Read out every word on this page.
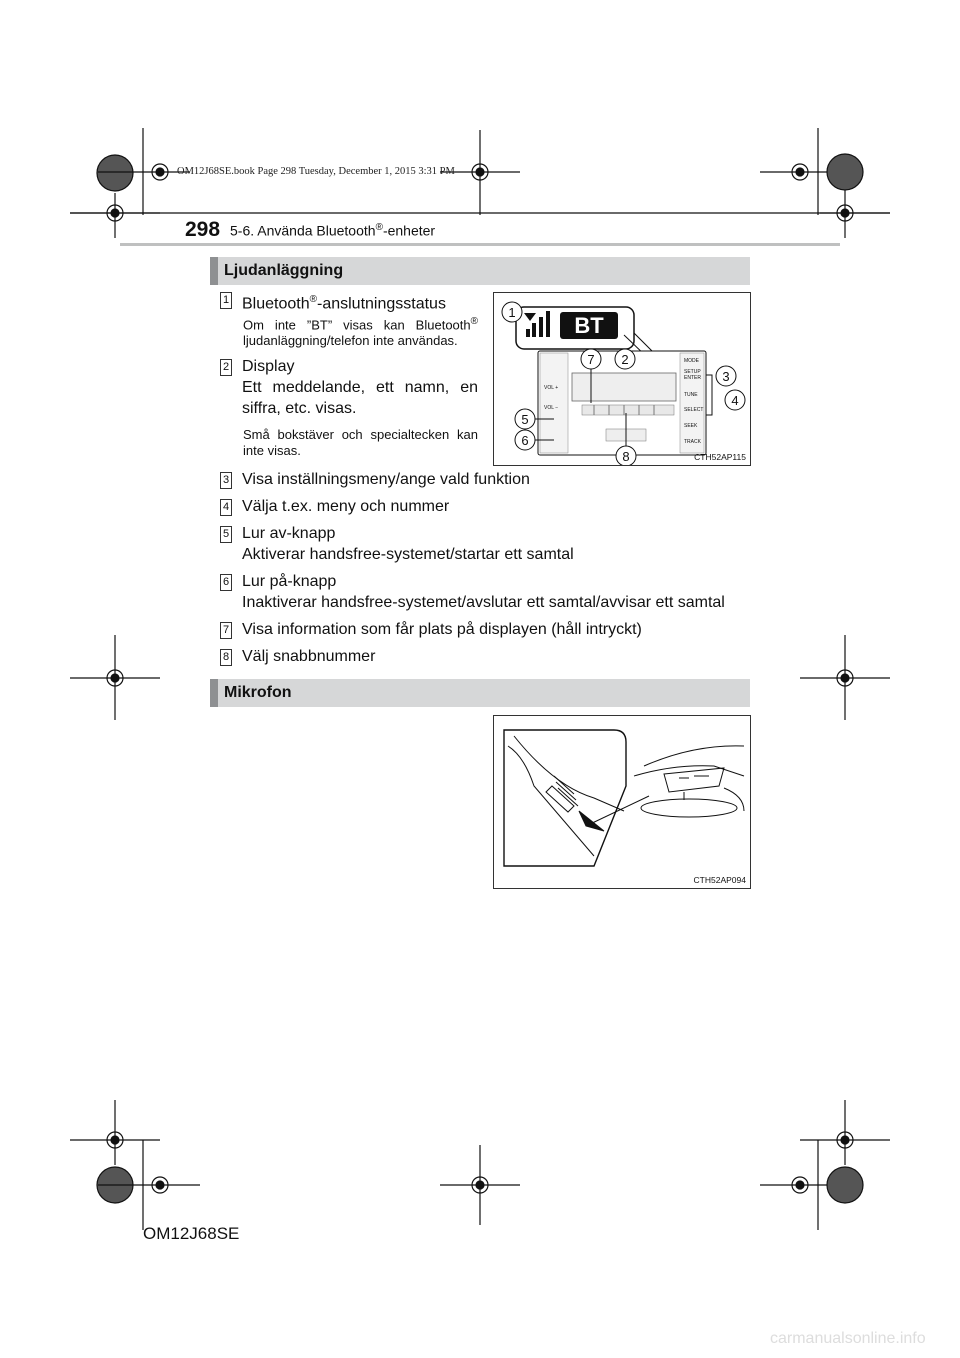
OM12J68SE.book Page 298 Tuesday, December 1, 2015 3:31 PM
298 5-6. Använda Bluetooth®-enheter
Ljudanläggning
1 Bluetooth®-anslutningsstatus
Om inte ”BT” visas kan Bluetooth® ljudanläggning/telefon inte användas.
2 Display
Ett meddelande, ett namn, en siffra, etc. visas.
Små bokstäver och specialtecken kan inte visas.
3 Visa inställningsmeny/ange vald funktion
4 Välja t.ex. meny och nummer
5 Lur av-knapp
Aktiverar handsfree-systemet/startar ett samtal
6 Lur på-knapp
Inaktiverar handsfree-systemet/avslutar ett samtal/avvisar ett samtal
7 Visa information som får plats på displayen (håll intryckt)
8 Välj snabbnummer
BT
MODE
SETUP
ENTER
TUNE
SELECT
SEEK
TRACK
VOL +
VOL −
1
2
3
4
5
6
7
8	CTH52AP115
Mikrofon
CTH52AP094
OM12J68SE
carmanualsonline.info
